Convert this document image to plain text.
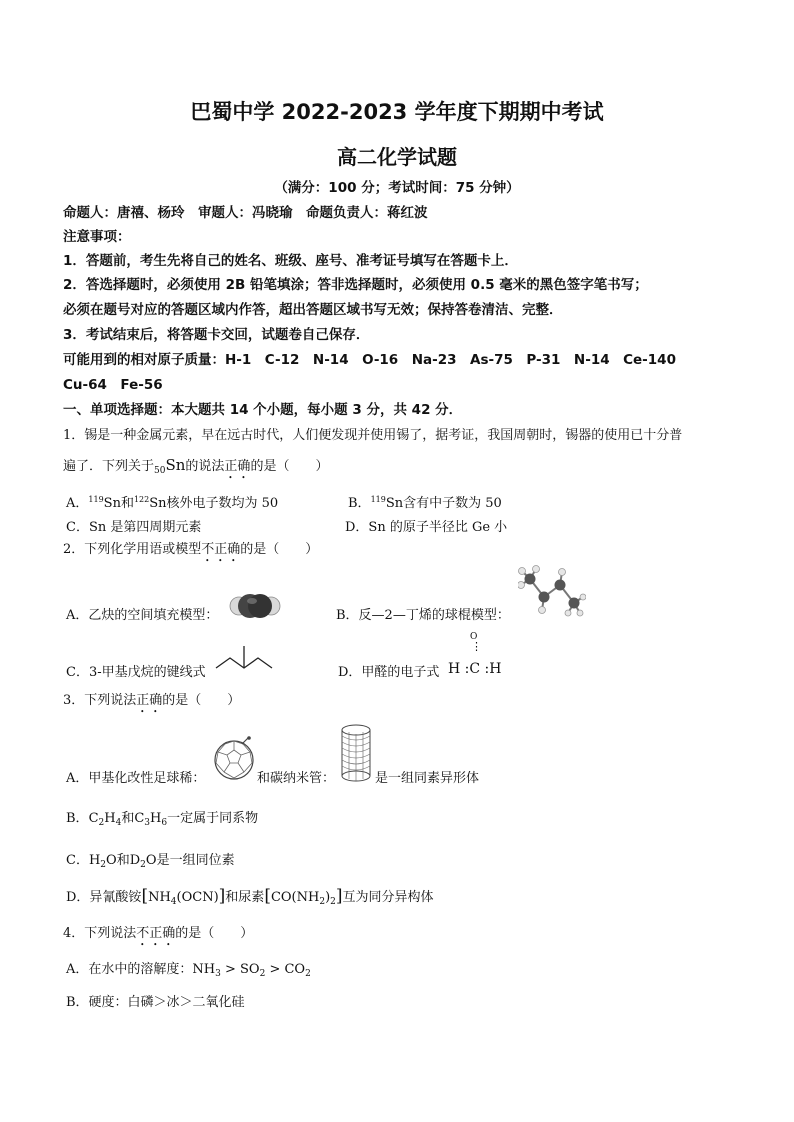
巴蜀中学 2022-2023 学年度下期期中考试
高二化学试题
（满分：100 分；考试时间：75 分钟）
命题人：唐禧、杨玲　审题人：冯晓瑜　命题负责人：蒋红波
注意事项：
1．答题前，考生先将自己的姓名、班级、座号、准考证号填写在答题卡上．
2．答选择题时，必须使用 2B 铅笔填涂；答非选择题时，必须使用 0.5 毫米的黑色签字笔书写；
必须在题号对应的答题区域内作答，超出答题区域书写无效；保持答卷清洁、完整．
3．考试结束后，将答题卡交回，试题卷自己保存．
可能用到的相对原子质量：H-1　C-12　N-14　O-16　Na-23　As-75　P-31　N-14　Ce-140
Cu-64　Fe-56
一、单项选择题：本大题共 14 个小题，每小题 3 分，共 42 分．
1．锡是一种金属元素，早在远古时代，人们便发现并使用锡了，据考证，我国周朝时，锡器的使用已十分普
遍了．下列关于$_{50}$Sn的说法正确的是（　　）
A．$^{119}$Sn和$^{122}$Sn核外电子数均为 50	B．$^{119}$Sn含有中子数为 50
C．Sn 是第四周期元素	D．Sn 的原子半径比 Ge 小
2．下列化学用语或模型不正确的是（　　）
A．乙炔的空间填充模型：	B．反—2—丁烯的球棍模型：
C．3-甲基戊烷的键线式	D．甲醛的电子式 H :C :H
O
⋮
3．下列说法正确的是（　　）
A．甲基化改性足球稀：	和碳纳米管：	是一组同素异形体
B．$C_2H_4$和$C_3H_6$一定属于同系物
C．$H_2O$和$D_2O$是一组同位素
D．异氰酸铵$[NH_4(OCN)]$和尿素$[CO(NH_2)_2]$互为同分异构体
4．下列说法不正确的是（　　）
A．在水中的溶解度：$NH_3 > SO_2 > CO_2$
B．硬度：白磷＞冰＞二氧化硅
